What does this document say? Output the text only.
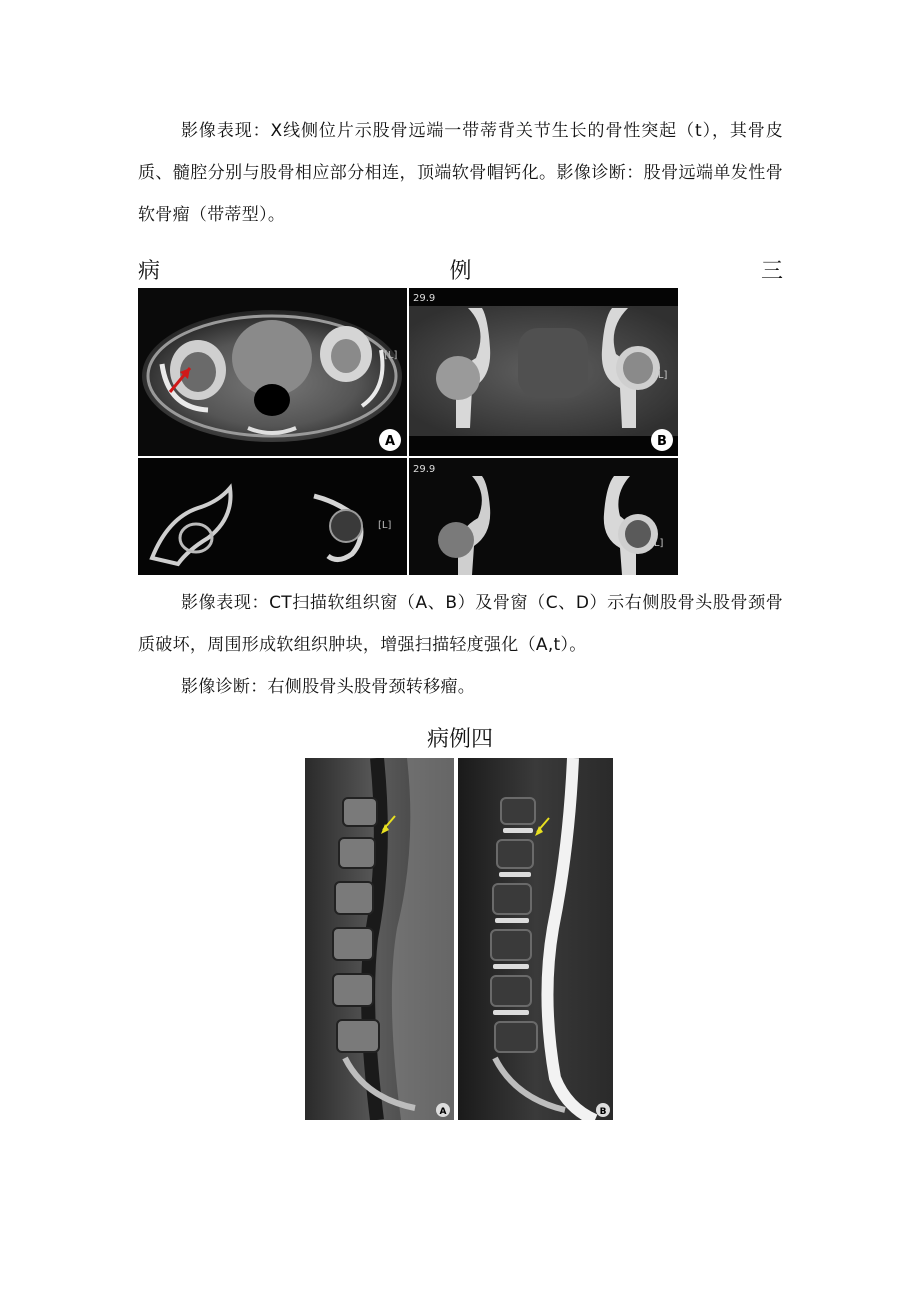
影像表现：X线侧位片示股骨远端一带蒂背关节生长的骨性突起（t），其骨皮质、髓腔分别与股骨相应部分相连，顶端软骨帽钙化。影像诊断：股骨远端单发性骨软骨瘤（带蒂型）。

病	例	三
[L]
A
29.9
[L]
B
[L]
29.9
[L]

影像表现：CT扫描软组织窗（A、B）及骨窗（C、D）示右侧股骨头股骨颈骨质破坏，周围形成软组织肿块，增强扫描轻度强化（A,t）。

影像诊断：右侧股骨头股骨颈转移瘤。

病例四
A	B
